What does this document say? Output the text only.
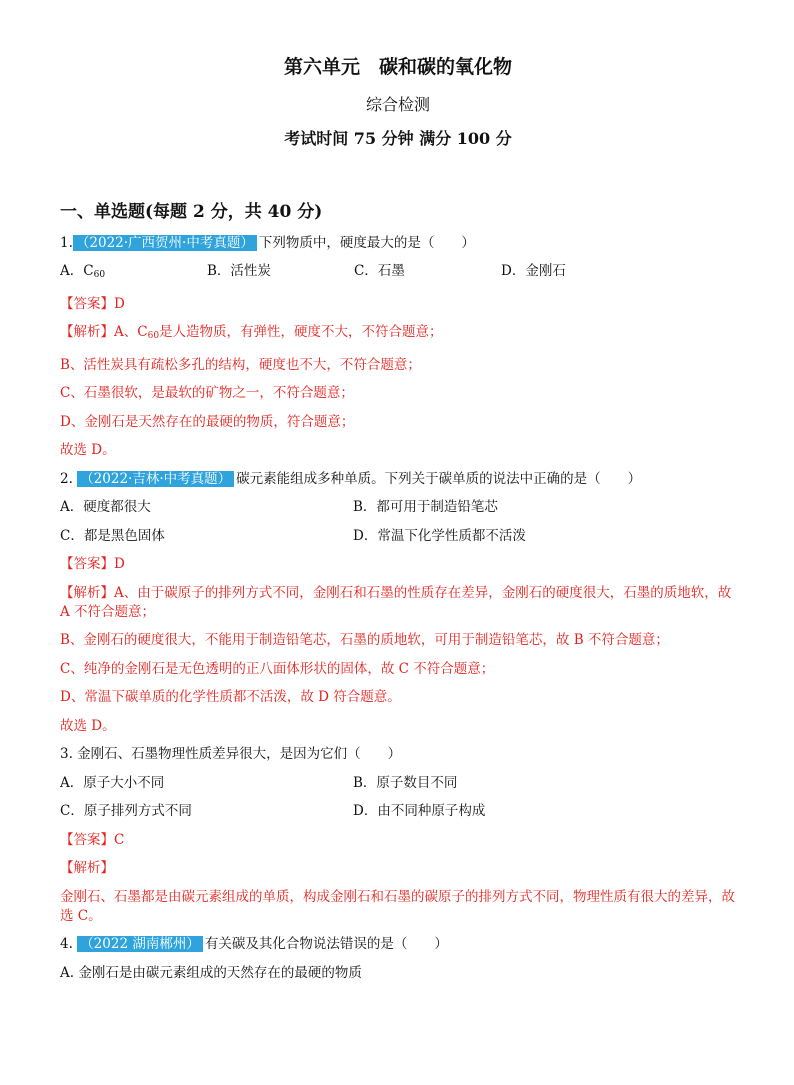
第六单元　碳和碳的氧化物
综合检测
考试时间 75 分钟 满分 100 分
一、单选题(每题 2 分，共 40 分)
1. （2022·广西贺州·中考真题） 下列物质中，硬度最大的是（　　）
A．$C_{60}$	B．活性炭	C．石墨	D．金刚石
【答案】D
【解析】A、$C_{60}$是人造物质，有弹性，硬度不大，不符合题意；
B、活性炭具有疏松多孔的结构，硬度也不大，不符合题意；
C、石墨很软，是最软的矿物之一，不符合题意；
D、金刚石是天然存在的最硬的物质，符合题意；
故选 D。
2. （2022·吉林·中考真题） 碳元素能组成多种单质。下列关于碳单质的说法中正确的是（　　）
A．硬度都很大	B．都可用于制造铅笔芯
C．都是黑色固体	D．常温下化学性质都不活泼
【答案】D
【解析】A、由于碳原子的排列方式不同，金刚石和石墨的性质存在差异，金刚石的硬度很大，石墨的质地软，故 A 不符合题意；
B、金刚石的硬度很大，不能用于制造铅笔芯，石墨的质地软，可用于制造铅笔芯，故 B 不符合题意；
C、纯净的金刚石是无色透明的正八面体形状的固体，故 C 不符合题意；
D、常温下碳单质的化学性质都不活泼，故 D 符合题意。
故选 D。
3. 金刚石、石墨物理性质差异很大，是因为它们（　　）
A．原子大小不同	B．原子数目不同
C．原子排列方式不同	D．由不同种原子构成
【答案】C
【解析】
金刚石、石墨都是由碳元素组成的单质，构成金刚石和石墨的碳原子的排列方式不同，物理性质有很大的差异，故选 C。
4. （2022 湖南郴州） 有关碳及其化合物说法错误的是（　　）
A. 金刚石是由碳元素组成的天然存在的最硬的物质
